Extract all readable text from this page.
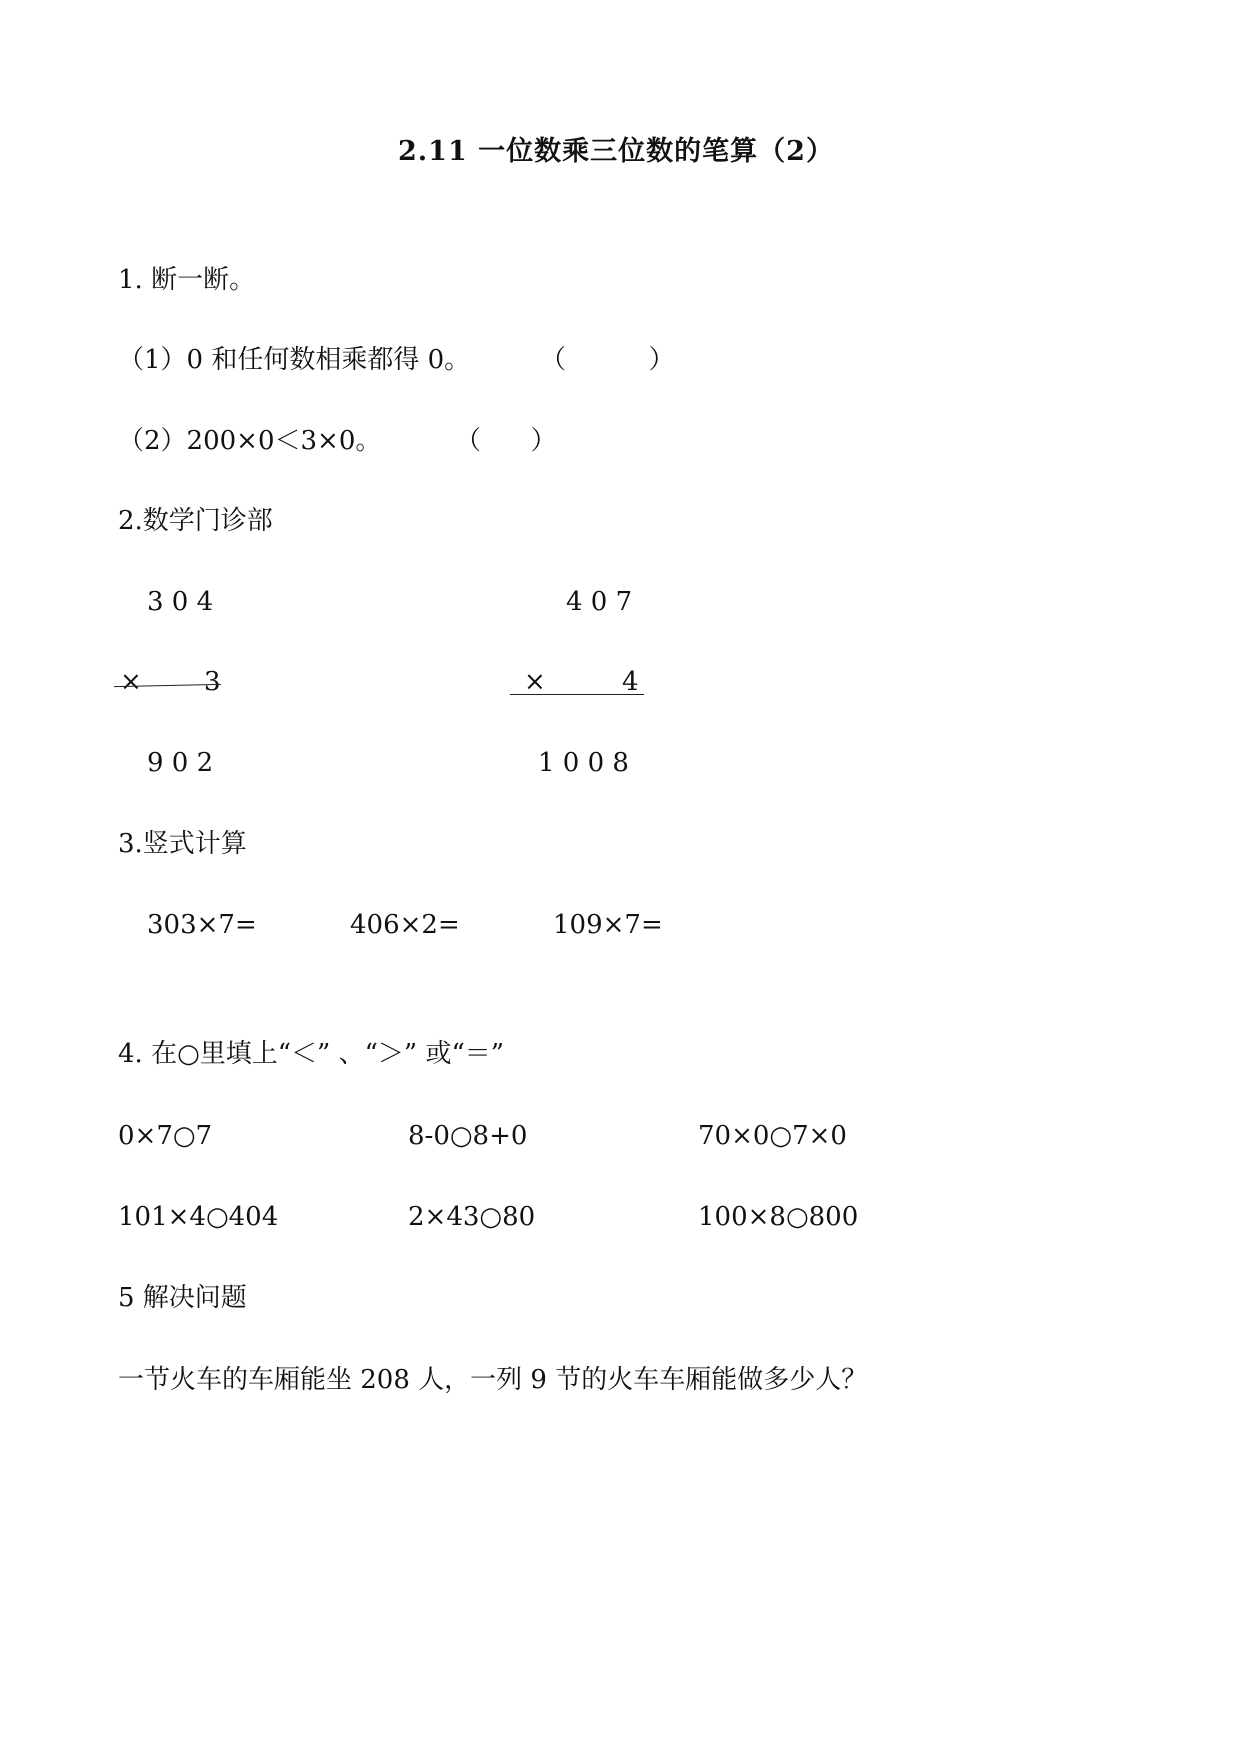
2.11 一位数乘三位数的笔算（2）
1. 断一断。
（1）0 和任何数相乘都得 0。	（          ）
（2）200×0＜3×0。	（      ）
2.数学门诊部
3 0 4
× 3
9 0 2
4 0 7
×	4
1 0 0 8
3.竖式计算
303×7=	406×2=	109×7=
4. 在○里填上“＜” 、“＞” 或“＝”
0×7○7	8-0○8+0	70×0○7×0
101×4○404	2×43○80	100×8○800
5 解决问题
一节火车的车厢能坐 208 人，一列 9 节的火车车厢能做多少人？
